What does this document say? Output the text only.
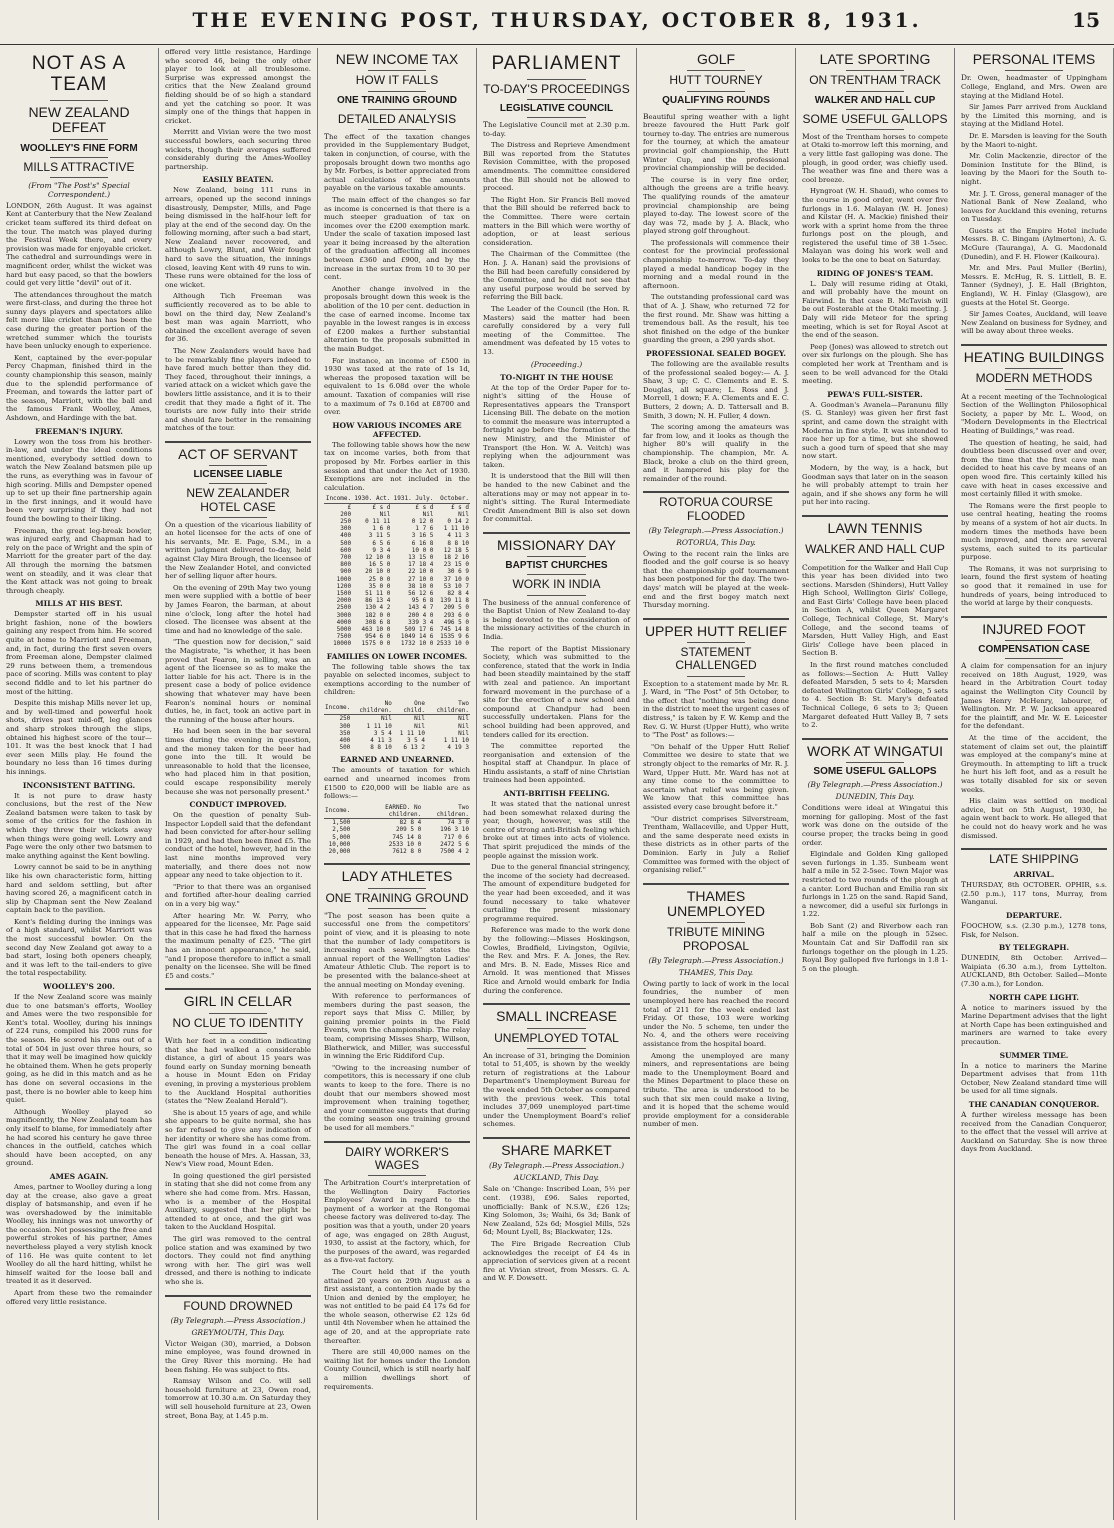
THE EVENING POST, THURSDAY, OCTOBER 8, 1931.	15
NOT AS A TEAM
NEW ZEALAND DEFEAT
WOOLLEY'S FINE FORM
MILLS ATTRACTIVE
(From "The Post's" Special Correspondent.)

LONDON, 26th August. It was against Kent at Canterbury that the New Zealand cricket team suffered its third defeat on the tour. The match was played during the Festival Week there, and every provision was made for enjoyable cricket. The cathedral and surroundings were in magnificent order, whilst the wicket was hard but easy paced, so that the bowlers could get very little "devil" out of it.

The attendances throughout the match were first-class, and during the three hot sunny days players and spectators alike felt more like cricket than has been the case during the greater portion of the wretched summer which the tourists have been unlucky enough to experience.

Kent, captained by the ever-popular Percy Chapman, finished third in the county championship this season, mainly due to the splendid performance of Freeman, and towards the latter part of the season, Marriott, with the ball and the famous Frank Woolley, Ames, Ashdown, and Hardinge with the bat.

FREEMAN'S INJURY.

Lowry won the toss from his brother-in-law, and under the ideal conditions mentioned, everybody settled down to watch the New Zealand batsmen pile up the runs, as everything was in favour of high scoring. Mills and Dempster opened up to set up their fine partnership again in the first innings, and it would have been very surprising if they had not found the bowling to their liking.

Freeman, the great leg-break bowler, was injured early, and Chapman had to rely on the pace of Wright and the spin of Marriott for the greater part of the day. All through the morning the batsmen went on steadily, and it was clear that the Kent attack was not going to break through cheaply.

MILLS AT HIS BEST.

Dempster started off in his usual bright fashion, none of the bowlers gaining any respect from him. He scored quite at home to Marriott and Freeman, and, in fact, during the first seven overs from Freeman alone, Dempster claimed 29 runs between them, a tremendous pace of scoring. Mills was content to play second fiddle and to let his partner do most of the hitting.

Despite this mishap Mills never let up, and by well-timed and powerful hook shots, drives past mid-off, leg glances and sharp strokes through the slips, obtained his highest score of the tour—101. It was the best knock that I had ever seen Mills play. He found the boundary no less than 16 times during his innings.

INCONSISTENT BATTING.

It is not pure to draw hasty conclusions, but the rest of the New Zealand batsmen were taken to task by some of the critics for the fashion in which they threw their wickets away when things were going well. Lowry and Page were the only other two batsmen to make anything against the Kent bowling.

Lowry cannot be said to be in anything like his own characteristic form, hitting hard and seldom settling, but after having scored 26, a magnificent catch in slip by Chapman sent the New Zealand captain back to the pavilion.

Kent's fielding during the innings was of a high standard, whilst Marriott was the most successful bowler. On the second day New Zealand got away to a bad start, losing both openers cheaply, and it was left to the tail-enders to give the total respectability.

WOOLLEY'S 200.

If the New Zealand score was mainly due to one batsman's efforts, Woolley and Ames were the two responsible for Kent's total. Woolley, during his innings of 224 runs, compiled his 2000 runs for the season. He scored his runs out of a total of 504 in just over three hours, so that it may well be imagined how quickly he obtained them. When he gets properly going, as he did in this match and as he has done on several occasions in the past, there is no bowler able to keep him quiet.

Although Woolley played so magnificently, the New Zealand team has only itself to blame, for immediately after he had scored his century he gave three chances in the outfield, catches which should have been accepted, on any ground.

AMES AGAIN.

Ames, partner to Woolley during a long day at the crease, also gave a great display of batsmanship, and even if he was overshadowed by the inimitable Woolley, his innings was not unworthy of the occasion. Not possessing the free and powerful strokes of his partner, Ames nevertheless played a very stylish knock of 116. He was quite content to let Woolley do all the hard hitting, whilst he himself waited for the loose ball and treated it as it deserved.

Apart from these two the remainder offered very little resistance.

offered very little resistance, Hardinge who scored 46, being the only other player to look at all troublesome. Surprise was expressed amongst the critics that the New Zealand ground fielding should be of so high a standard and yet the catching so poor. It was simply one of the things that happen in cricket.

Merritt and Vivian were the two most successful bowlers, each securing three wickets, though their averages suffered considerably during the Ames-Woolley partnership.

EASILY BEATEN.

New Zealand, being 111 runs in arrears, opened up the second innings disastrously, Dempster, Mills, and Page being dismissed in the half-hour left for play at the end of the second day. On the following morning, after such a bad start, New Zealand never recovered, and although Lowry, Blunt, and Weir fought hard to save the situation, the innings closed, leaving Kent with 49 runs to win. These runs were obtained for the loss of one wicket.

Although Tich Freeman was sufficiently recovered as to be able to bowl on the third day, New Zealand's best man was again Marriott, who obtained the excellent average of seven for 36.

The New Zealanders would have had to be remarkably fine players indeed to have fared much better than they did. They faced, throughout their innings, a varied attack on a wicket which gave the bowlers little assistance, and it is to their credit that they made a fight of it. The tourists are now fully into their stride and should fare better in the remaining matches of the tour.

ACT OF SERVANT
LICENSEE LIABLE
NEW ZEALANDER HOTEL CASE

On a question of the vicarious liability of an hotel licensee for the acts of one of his servants, Mr. E. Page, S.M., in a written judgment delivered to-day, held against Clay Mira Brough, the licensee of the New Zealander Hotel, and convicted her of selling liquor after hours.

On the evening of 29th May two young men were supplied with a bottle of beer by James Fearon, the barman, at about nine o'clock, long after the hotel had closed. The licensee was absent at the time and had no knowledge of the sale.

"The question now for decision," said the Magistrate, "is whether, it has been proved that Fearon, in selling, was an agent of the licensee so as to make the latter liable for his act. There is in the present case a body of police evidence showing that whatever may have been Fearon's nominal hours or nominal duties, he, in fact, took an active part in the running of the house after hours.

He had been seen in the bar several times during the evening in question, and the money taken for the beer had gone into the till. It would be unreasonable to hold that the licensee, who had placed him in that position, could escape responsibility merely because she was not personally present."

CONDUCT IMPROVED.

On the question of penalty Sub-Inspector Lopdell said that the defendant had been convicted for after-hour selling in 1929, and had then been fined £5. The conduct of the hotel, however, had in the last nine months improved very materially, and there does not now appear any need to take objection to it.

"Prior to that there was an organised and fortified after-hour dealing carried on in a very big way."

After hearing Mr. W. Perry, who appeared for the licensee, Mr. Page said that in this case he had fixed the harness the maximum penalty of £25. "The girl has an innocent appearance," he said, "and I propose therefore to inflict a small penalty on the licensee. She will be fined £5 and costs."

GIRL IN CELLAR
NO CLUE TO IDENTITY

With her feet in a condition indicating that she had walked a considerable distance, a girl of about 15 years was found early on Sunday morning beneath a house in Mount Eden on Friday evening, in proving a mysterious problem to the Auckland Hospital authorities (states the "New Zealand Herald").

She is about 15 years of age, and while she appears to be quite normal, she has so far refused to give any indication of her identity or where she has come from. The girl was found in a coal cellar beneath the house of Mrs. A. Hassan, 33, New's View road, Mount Eden.

In going questioned the girl persisted in stating that she did not come from any where she had come from. Mrs. Hassan, who is a member of the Hospital Auxiliary, suggested that her plight be attended to at once, and the girl was taken to the Auckland Hospital.

The girl was removed to the central police station and was examined by two doctors. They could not find anything wrong with her. The girl was well dressed, and there is nothing to indicate who she is.

FOUND DROWNED
(By Telegraph.—Press Association.)
GREYMOUTH, This Day.

Victor Weigan (30), married, a Dobson mine employee, was found drowned in the Grey River this morning. He had been fishing. He was subject to fits.

Ramsay Wilson and Co. will sell household furniture at 23, Owen road, tomorrow at 10.30 a.m. On Saturday they will sell household furniture at 23, Owen street, Bona Bay, at 1.45 p.m.

NEW INCOME TAX
HOW IT FALLS
ONE TRAINING GROUND
DETAILED ANALYSIS

The effect of the taxation changes provided in the Supplementary Budget, taken in conjunction, of course, with the proposals brought down two months ago by Mr. Forbes, is better appreciated from actual calculations of the amounts payable on the various taxable amounts.

The main effect of the changes so far as income is concerned is that there is a much steeper graduation of tax on incomes over the £200 exemption mark. Under the scale of taxation imposed last year it being increased by the alteration of the graduation affecting all incomes between £360 and £900, and by the increase in the surtax from 10 to 30 per cent.

Another change involved in the proposals brought down this week is the abolition of the 10 per cent. deduction in the case of earned income. Income tax payable in the lowest ranges is in excess of £200 makes a further substantial alteration to the proposals submitted in the main Budget.

For instance, an income of £500 in 1930 was taxed at the rate of 1s 1d, whereas the proposed taxation will be equivalent to 1s 6.08d over the whole amount. Taxation of companies will rise to a maximum of 7s 0.16d at £8700 and over.

HOW VARIOUS INCOMES ARE AFFECTED.

The following table shows how the new tax on income varies, both from that proposed by Mr. Forbes earlier in this session and that under the Act of 1930. Exemptions are not included in the calculation.

Income.	1930. Act.	1931. July.	October.
£	£ s d	£ s d	£ s d
200	Nil	Nil	Nil
250	0 11 11	0 12 0	0 14 2
300	1 6 0	1 7 6	1 11 10
400	3 11 5	3 16 5	4 11 3
500	6 5 6	6 16 8	8 8 10
600	9 3 4	10 0 0	12 18 5
700	12 10 0	13 15 0	18 2 10
800	16 5 0	17 18 4	23 15 0
900	20 10 0	22 10 0	30 6 9
1000	25 0 0	27 10 0	37 10 0
1200	35 0 0	38 10 0	53 10 7
1500	51 11 0	56 12 6	82 8 4
2000	86 13 4	95 6 8	139 11 8
2500	130 4 2	143 4 7	209 5 0
3000	182 0 0	200 4 0	293 6 0
4000	308 6 8	339 3 4	496 5 0
5000	463 10 0	509 17 6	745 14 8
7500	954 6 0	1049 14 6	1535 9 6
10000	1575 0 0	1732 10 0	2533 10 0
FAMILIES ON LOWER INCOMES.

The following table shows the tax payable on selected incomes, subject to exemptions according to the number of children:

Income.	No children.	One child.	Two children.
250	Nil	Nil	Nil
300	1 11 10	Nil	Nil
350	3 5 4	1 11 10	Nil
400	4 11 3	3 5 4	1 11 10
500	8 8 10	6 13 2	4 19 3
EARNED AND UNEARNED.

The amounts of taxation for which earned and unearned incomes from £1500 to £20,000 will be liable are as follows:—

Income.	EARNED. No children.	Two children.
1,500	82 8 4	74 3 0
2,500	209 5 0	196 3 10
5,000	745 14 8	717 0 6
10,000	2533 10 0	2472 5 6
20,000	7612 8 0	7500 4 2
LADY ATHLETES
ONE TRAINING GROUND

"The post season has been quite a successful one from the competitors' point of view, and it is pleasing to note that the number of lady competitors is increasing each season," states the annual report of the Wellington Ladies' Amateur Athletic Club. The report is to be presented with the balance-sheet at the annual meeting on Monday evening.

With reference to performances of members during the past season, the report says that Miss C. Miller, by gaining premier points in the Field Events, won the championship. The relay team, comprising Misses Sharp, Willson, Blatherwick, and Miller, was successful in winning the Eric Riddiford Cup.

"Owing to the increasing number of competitors, this is necessary if one club wants to keep to the fore. There is no doubt that our members showed most improvement when training together, and your committee suggests that during the coming season one training ground be used for all members."

DAIRY WORKER'S WAGES

The Arbitration Court's interpretation of the Wellington Dairy Factories Employees' Award in regard to the payment of a worker at the Rongomai cheese factory was delivered to-day. The position was that a youth, under 20 years of age, was engaged on 28th August, 1930, to assist at the factory, which, for the purposes of the award, was regarded as a five-vat factory.

The Court held that if the youth attained 20 years on 29th August as a first assistant, a contention made by the Union and denied by the employer, he was not entitled to be paid £4 17s 6d for the whole season, otherwise £2 12s 6d until 4th November when he attained the age of 20, and at the appropriate rate thereafter.

There are still 40,000 names on the waiting list for homes under the London County Council, which is still nearly half a million dwellings short of requirements.

PARLIAMENT
TO-DAY'S PROCEEDINGS
LEGISLATIVE COUNCIL

The Legislative Council met at 2.30 p.m. to-day.

The Distress and Reprieve Amendment Bill was reported from the Statutes Revision Committee, with the proposed amendments. The committee considered that the Bill should not be allowed to proceed.

The Right Hon. Sir Francis Bell moved that the Bill should be referred back to the Committee. There were certain matters in the Bill which were worthy of adoption, or at least serious consideration.

The Chairman of the Committee (the Hon. J. A. Hanan) said the provisions of the Bill had been carefully considered by the Committee, and he did not see that any useful purpose would be served by referring the Bill back.

The Leader of the Council (the Hon. R. Masters) said the matter had been carefully considered by a very full meeting of the Committee. The amendment was defeated by 15 votes to 13.

(Proceeding.)
TO-NIGHT IN THE HOUSE

At the top of the Order Paper for to-night's sitting of the House of Representatives appears the Transport Licensing Bill. The debate on the motion to commit the measure was interrupted a fortnight ago before the formation of the new Ministry, and the Minister of Transport (the Hon. W. A. Veitch) was replying when the adjournment was taken.

It is understood that the Bill will then be handed to the new Cabinet and the alterations may or may not appear in to-night's sitting. The Rural Intermediate Credit Amendment Bill is also set down for committal.

MISSIONARY DAY
BAPTIST CHURCHES
WORK IN INDIA

The business of the annual conference of the Baptist Union of New Zealand to-day is being devoted to the consideration of the missionary activities of the church in India.

The report of the Baptist Missionary Society, which was submitted to the conference, stated that the work in India had been steadily maintained by the staff with zeal and patience. An important forward movement in the purchase of a site for the erection of a new school and compound at Chandpur had been successfully undertaken. Plans for the school building had been approved, and tenders called for its erection.

The committee reported the reorganisation and extension of the hospital staff at Chandpur. In place of Hindu assistants, a staff of nine Christian trainees had been appointed.

ANTI-BRITISH FEELING.

It was stated that the national unrest had been somewhat relaxed during the year, though, however, was still the centre of strong anti-British feeling which broke out at times into acts of violence. That spirit prejudiced the minds of the people against the mission work.

Due to the general financial stringency, the income of the society had decreased. The amount of expenditure budgeted for the year had been exceeded, and it was found necessary to take whatever curtailing the present missionary programme required.

Reference was made to the work done by the following:—Misses Hoskingson, Cowles, Bradfield, Livingston, Ogilvie, the Rev. and Mrs. F. A. Jones, the Rev. and Mrs. B. N. Eade, Misses Rice and Arnold. It was mentioned that Misses Rice and Arnold would embark for India during the conference.

SMALL INCREASE
UNEMPLOYED TOTAL

An increase of 31, bringing the Dominion total to 51,405, is shown by the weekly return of registrations at the Labour Department's Unemployment Bureau for the week ended 5th October as compared with the previous week. This total includes 37,069 unemployed part-time under the Unemployment Board's relief schemes.

SHARE MARKET
(By Telegraph.—Press Association.)
AUCKLAND, This Day.

Sale on 'Change: Inscribed Loan, 5½ per cent. (1938), £96. Sales reported, unofficially: Bank of N.S.W., £26 12s; King Solomon, 3s; Waihi, 6s 3d; Bank of New Zealand, 52s 6d; Mosgiel Mills, 52s 6d; Mount Lyell, 8s; Blackwater, 12s.

The Fire Brigade Recreation Club acknowledges the receipt of £4 4s in appreciation of services given at a recent fire at Vivian street, from Messrs. G. A. and W. F. Dowsett.

GOLF
HUTT TOURNEY
QUALIFYING ROUNDS

Beautiful spring weather with a light breeze favoured the Hutt Park golf tourney to-day. The entries are numerous for the tourney, at which the amateur provincial golf championship, the Hutt Winter Cup, and the professional provincial championship will be decided.

The course is in very fine order, although the greens are a trifle heavy. The qualifying rounds of the amateur provincial championship are being played to-day. The lowest score of the day was 72, made by J. A. Black, who played strong golf throughout.

The professionals will commence their contest for the provincial professional championship to-morrow. To-day they played a medal handicap bogey in the morning and a medal round in the afternoon.

The outstanding professional card was that of A. J. Shaw, who returned 72 for the first round. Mr. Shaw was hitting a tremendous ball. As the result, his tee shot finished on the edge of the bunker guarding the green, a 290 yards shot.

PROFESSIONAL SEALED BOGEY.

The following are the available results of the professional sealed bogey:— A. J. Shaw, 3 up; C. C. Clements and E. S. Douglas, all square; L. Ross and J. Morrell, 1 down; F. A. Clements and E. C. Butters, 2 down; A. D. Tattersall and B. Smith, 3 down; N. H. Fuller, 4 down.

The scoring among the amateurs was far from low, and it looks as though the higher 80's will qualify in the championship. The champion, Mr. A. Black, broke a club on the third green, and it hampered his play for the remainder of the round.

ROTORUA COURSE FLOODED
(By Telegraph.—Press Association.)
ROTORUA, This Day.

Owing to the recent rain the links are flooded and the golf course is so heavy that the championship golf tournament has been postponed for the day. The two-days' match will be played at the week-end and the first bogey match next Thursday morning.

UPPER HUTT RELIEF
STATEMENT CHALLENGED

Exception to a statement made by Mr. R. J. Ward, in "The Post" of 5th October, to the effect that "nothing was being done in the district to meet the urgent cases of distress," is taken by F. W. Kemp and the Rev. G. W. Hurst (Upper Hutt), who write to "The Post" as follows:—

"On behalf of the Upper Hutt Relief Committee we desire to state that we strongly object to the remarks of Mr. R. J. Ward, Upper Hutt. Mr. Ward has not at any time come to the committee to ascertain what relief was being given. We know that this committee has assisted every case brought before it."

"Our district comprises Silverstream, Trentham, Wallaceville, and Upper Hutt, and the same desperate need exists in these districts as in other parts of the Dominion. Early in July a Relief Committee was formed with the object of organising relief."

THAMES UNEMPLOYED
TRIBUTE MINING PROPOSAL
(By Telegraph.—Press Association.)
THAMES, This Day.

Owing partly to lack of work in the local foundries, the number of men unemployed here has reached the record total of 211 for the week ended last Friday. Of these, 103 were working under the No. 5 scheme, ten under the No. 4, and the others were receiving assistance from the hospital board.

Among the unemployed are many miners, and representations are being made to the Unemployment Board and the Mines Department to place these on tribute. The area is understood to be such that six men could make a living, and it is hoped that the scheme would provide employment for a considerable number of men.

LATE SPORTING
ON TRENTHAM TRACK
WALKER AND HALL CUP
SOME USEFUL GALLOPS

Most of the Trentham horses to compete at Otaki to-morrow left this morning, and a very little fast galloping was done. The plough, in good order, was chiefly used. The weather was fine and there was a cool breeze.

Hyngroat (W. H. Shaud), who comes to the course in good order, went over five furlongs in 1.6. Malayan (W. H. Jones) and Kilstar (H. A. Mackie) finished their work with a sprint home from the three furlongs post on the plough, and registered the useful time of 38 1-5sec. Malayan was doing his work well and looks to be the one to beat on Saturday.

RIDING OF JONES'S TEAM.

L. Daly will resume riding at Otaki, and will probably have the mount on Fairwind. In that case B. McTavish will be out Fosterable at the Otaki meeting. J. Daly will ride Meteor for the spring meeting, which is set for Royal Ascot at the end of the season.

Peep (Jones) was allowed to stretch out over six furlongs on the plough. She has completed her work at Trentham and is seen to be well advanced for the Otaki meeting.

PEWA'S FULL-SISTER.

A. Goodman's Avanela—Paranunu filly (S. G. Stanley) was given her first fast sprint, and came down the straight with Moderna in fine style. It was intended to race her up for a time, but she showed such a good turn of speed that she may now start.

Modern, by the way, is a hack, but Goodman says that later on in the season he will probably attempt to train her again, and if she shows any form he will put her into racing.

LAWN TENNIS
WALKER AND HALL CUP

Competition for the Walker and Hall Cup this year has been divided into two sections. Marsden (Shinders), Hutt Valley High School, Wellington Girls' College, and East Girls' College have been placed in Section A, whilst Queen Margaret College, Technical College, St. Mary's College, and the second teams of Marsden, Hutt Valley High, and East Girls' College have been placed in Section B.

In the first round matches concluded as follows:—Section A: Hutt Valley defeated Marsden, 5 sets to 4; Marsden defeated Wellington Girls' College, 5 sets to 4. Section B: St. Mary's defeated Technical College, 6 sets to 3; Queen Margaret defeated Hutt Valley B, 7 sets to 2.

WORK AT WINGATUI
SOME USEFUL GALLOPS
(By Telegraph.—Press Association.)
DUNEDIN, This Day.

Conditions were ideal at Wingatui this morning for galloping. Most of the fast work was done on the outside of the course proper, the tracks being in good order.

Elgindale and Golden King galloped seven furlongs in 1.35. Sunbeam went half a mile in 52 2-5sec. Town Major was restricted to two rounds of the plough at a canter. Lord Buchan and Emilia ran six furlongs in 1.25 on the sand. Rapid Sand, a newcomer, did a useful six furlongs in 1.22.

Bob Sant (2) and Riverbow each ran half a mile on the plough in 52sec. Mountain Cat and Sir Daffodil ran six furlongs together on the plough in 1.25. Royal Boy galloped five furlongs in 1.8 1-5 on the plough.

PERSONAL ITEMS

Dr. Owen, headmaster of Uppingham College, England, and Mrs. Owen are staying at the Midland Hotel.

Sir James Parr arrived from Auckland by the Limited this morning, and is staying at the Midland Hotel.

Dr. E. Marsden is leaving for the South by the Maori to-night.

Mr. Colin Mackenzie, director of the Dominion Institute for the Blind, is leaving by the Maori for the South to-night.

Mr. J. T. Gross, general manager of the National Bank of New Zealand, who leaves for Auckland this evening, returns on Tuesday.

Guests at the Empire Hotel include Messrs. B. C. Bingam (Aylmerton), A. G. McGure (Tauranga), A. G. Macdonald (Dunedin), and F. H. Flower (Kaikoura).

Mr. and Mrs. Paul Muller (Berlin), Messrs. E. McHug, R. S. Littlell, B. E. Tanner (Sydney), J. E. Hall (Brighton, England), W. H. Finlay (Glasgow), are guests at the Hotel St. George.

Sir James Coates, Auckland, will leave New Zealand on business for Sydney, and will be away about three weeks.

HEATING BUILDINGS
MODERN METHODS

At a recent meeting of the Technological Section of the Wellington Philosophical Society, a paper by Mr. L. Wood, on "Modern Developments in the Electrical Heating of Buildings," was read.

The question of heating, he said, had doubtless been discussed over and over, from the time that the first cave man decided to heat his cave by means of an open wood fire. This certainly killed his cave with heat in cases excessive and most certainly filled it with smoke.

The Romans were the first people to use central heating, heating the rooms by means of a system of hot air ducts. In modern times the methods have been much improved, and there are several systems, each suited to its particular purpose.

The Romans, it was not surprising to learn, found the first system of heating so good that it remained in use for hundreds of years, being introduced to the world at large by their conquests.

INJURED FOOT
COMPENSATION CASE

A claim for compensation for an injury received on 18th August, 1929, was heard in the Arbitration Court today against the Wellington City Council by James Henry McHenry, labourer, of Wellington. Mr. P. W. Jackson appeared for the plaintiff, and Mr. W. E. Leicester for the defendant.

At the time of the accident, the statement of claim set out, the plaintiff was employed at the company's mine at Greymouth. In attempting to lift a truck he hurt his left foot, and as a result he was totally disabled for six or seven weeks.

His claim was settled on medical advice, but on 5th August, 1930, he again went back to work. He alleged that he could not do heavy work and he was dismissed.

LATE SHIPPING
ARRIVAL.

THURSDAY, 8th OCTOBER. OPHIR, s.s. (2.50 p.m.), 117 tons, Murray, from Wanganui.

DEPARTURE.

FOOCHOW, s.s. (2.30 p.m.), 1278 tons, Fisk, for Nelson.

BY TELEGRAPH.

DUNEDIN, 8th October. Arrived—Waipiata (6.30 a.m.), from Lyttelton. AUCKLAND, 8th October. Sailed—Monte (7.30 a.m.), for London.

NORTH CAPE LIGHT.

A notice to mariners issued by the Marine Department advises that the light at North Cape has been extinguished and mariners are warned to take every precaution.

SUMMER TIME.

In a notice to mariners the Marine Department advises that from 11th October, New Zealand standard time will be used for all time signals.

THE CANADIAN CONQUEROR.

A further wireless message has been received from the Canadian Conqueror, to the effect that the vessel will arrive at Auckland on Saturday. She is now three days from Auckland.
